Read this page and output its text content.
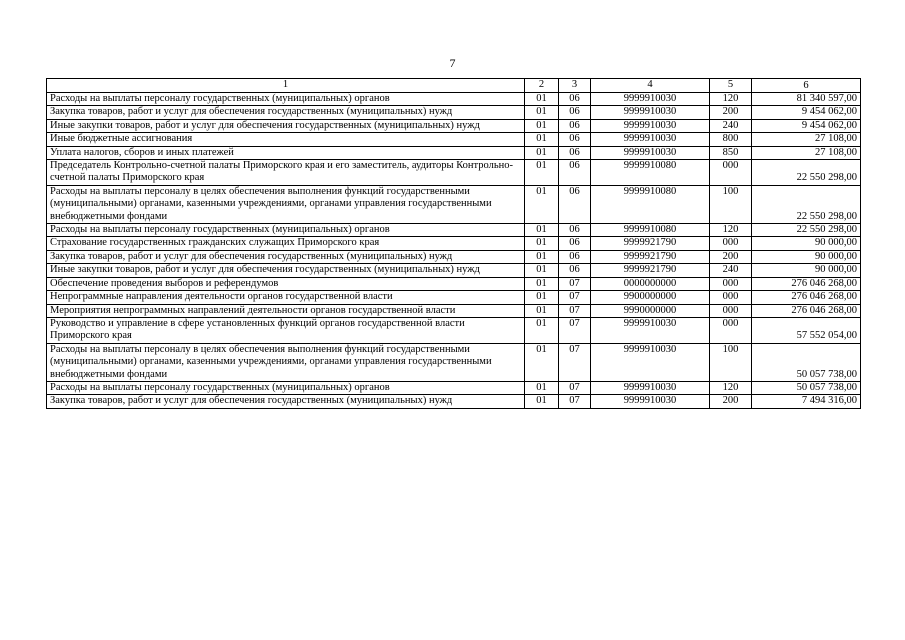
7
1	2	3	4	5	6
Расходы на выплаты персоналу государственных (муниципальных) органов	01	06	9999910030	120	81 340 597,00
Закупка товаров, работ и услуг для обеспечения государственных (муниципальных) нужд	01	06	9999910030	200	9 454 062,00
Иные закупки товаров, работ и услуг для обеспечения государственных (муниципальных) нужд	01	06	9999910030	240	9 454 062,00
Иные бюджетные ассигнования	01	06	9999910030	800	27 108,00
Уплата налогов, сборов и иных платежей	01	06	9999910030	850	27 108,00
Председатель Контрольно-счетной палаты Приморского края и его заместитель, аудиторы Контрольно-счетной палаты Приморского края	01	06	9999910080	000	22 550 298,00
Расходы на выплаты персоналу в целях обеспечения выполнения функций государственными (муниципальными) органами, казенными учреждениями, органами управления государственными внебюджетными фондами	01	06	9999910080	100	22 550 298,00
Расходы на выплаты персоналу государственных (муниципальных) органов	01	06	9999910080	120	22 550 298,00
Страхование государственных гражданских служащих Приморского края	01	06	9999921790	000	90 000,00
Закупка товаров, работ и услуг для обеспечения государственных (муниципальных) нужд	01	06	9999921790	200	90 000,00
Иные закупки товаров, работ и услуг для обеспечения государственных (муниципальных) нужд	01	06	9999921790	240	90 000,00
Обеспечение проведения выборов и референдумов	01	07	0000000000	000	276 046 268,00
Непрограммные направления деятельности органов государственной власти	01	07	9900000000	000	276 046 268,00
Мероприятия непрограммных направлений деятельности органов государственной власти	01	07	9990000000	000	276 046 268,00
Руководство и управление в сфере установленных функций органов государственной власти Приморского края	01	07	9999910030	000	57 552 054,00
Расходы на выплаты персоналу в целях обеспечения выполнения функций государственными (муниципальными) органами, казенными учреждениями, органами управления государственными внебюджетными фондами	01	07	9999910030	100	50 057 738,00
Расходы на выплаты персоналу государственных (муниципальных) органов	01	07	9999910030	120	50 057 738,00
Закупка товаров, работ и услуг для обеспечения государственных (муниципальных) нужд	01	07	9999910030	200	7 494 316,00
